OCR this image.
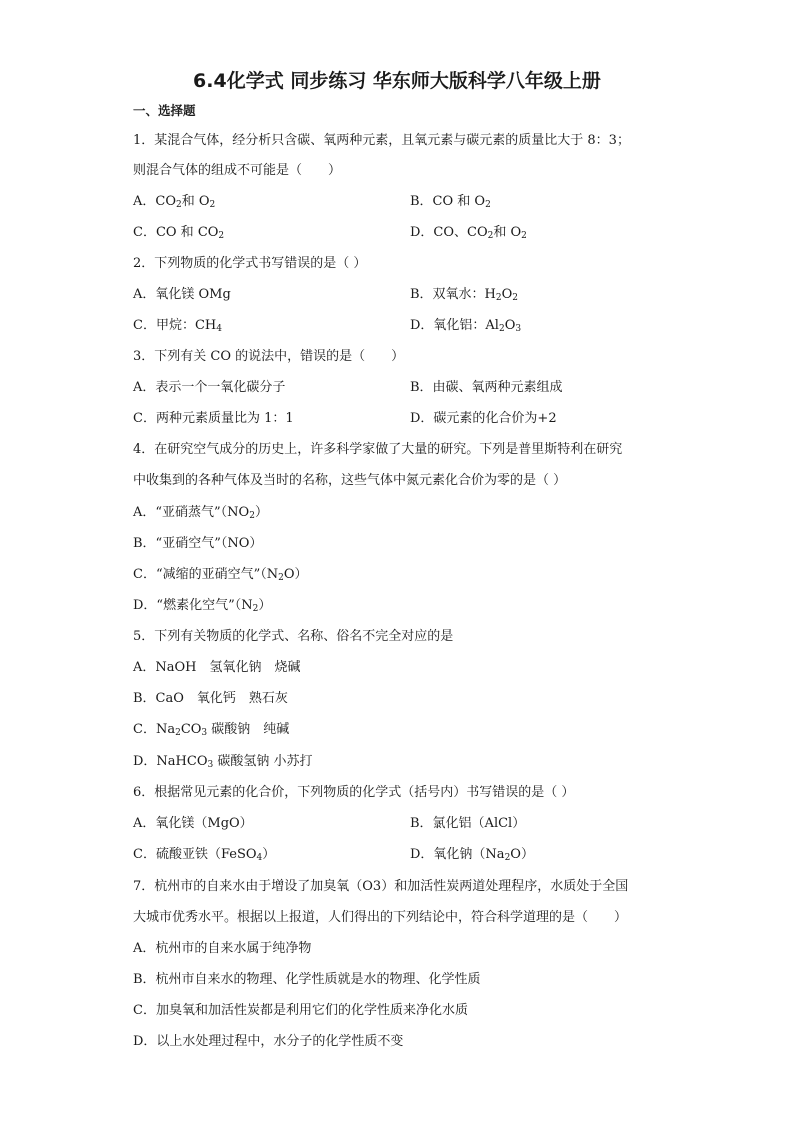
6.4化学式 同步练习 华东师大版科学八年级上册
一、选择题
1．某混合气体，经分析只含碳、氧两种元素，且氧元素与碳元素的质量比大于 8：3；
则混合气体的组成不可能是（　　）
A．$CO_2$和 $O_2$	B．CO 和 $O_2$
C．CO 和 $CO_2$	D．CO、$CO_2$和 $O_2$
2．下列物质的化学式书写错误的是（ ）
A．氧化镁 OMg	B．双氧水：$H_2O_2$
C．甲烷：$CH_4$	D．氧化铝：$Al_2O_3$
3．下列有关 CO 的说法中，错误的是（　　）
A．表示一个一氧化碳分子	B．由碳、氧两种元素组成
C．两种元素质量比为 1：1	D．碳元素的化合价为+2
4．在研究空气成分的历史上，许多科学家做了大量的研究。下列是普里斯特利在研究
中收集到的各种气体及当时的名称，这些气体中氮元素化合价为零的是（ ）
A．“亚硝蒸气$”(NO_2)$
B．“亚硝空气”（NO）
C．“减缩的亚硝空气$”(N_2O)$
D．“燃素化空气$”(N_2)$
5．下列有关物质的化学式、名称、俗名不完全对应的是
A．NaOH　氢氧化钠　烧碱
B．CaO　氧化钙　熟石灰
C．$Na_2CO_3$ 碳酸钠　纯碱
D．NaHCO$_3$ 碳酸氢钠 小苏打
6．根据常见元素的化合价，下列物质的化学式（括号内）书写错误的是（ ）
A．氧化镁（MgO）	B．氯化铝（AlCl）
C．硫酸亚铁（FeSO$_4$）	D．氧化钠$(Na_2O)$
7．杭州市的自来水由于增设了加臭氧（O3）和加活性炭两道处理程序，水质处于全国
大城市优秀水平。根据以上报道，人们得出的下列结论中，符合科学道理的是（　　）
A．杭州市的自来水属于纯净物
B．杭州市自来水的物理、化学性质就是水的物理、化学性质
C．加臭氧和加活性炭都是利用它们的化学性质来净化水质
D．以上水处理过程中，水分子的化学性质不变
